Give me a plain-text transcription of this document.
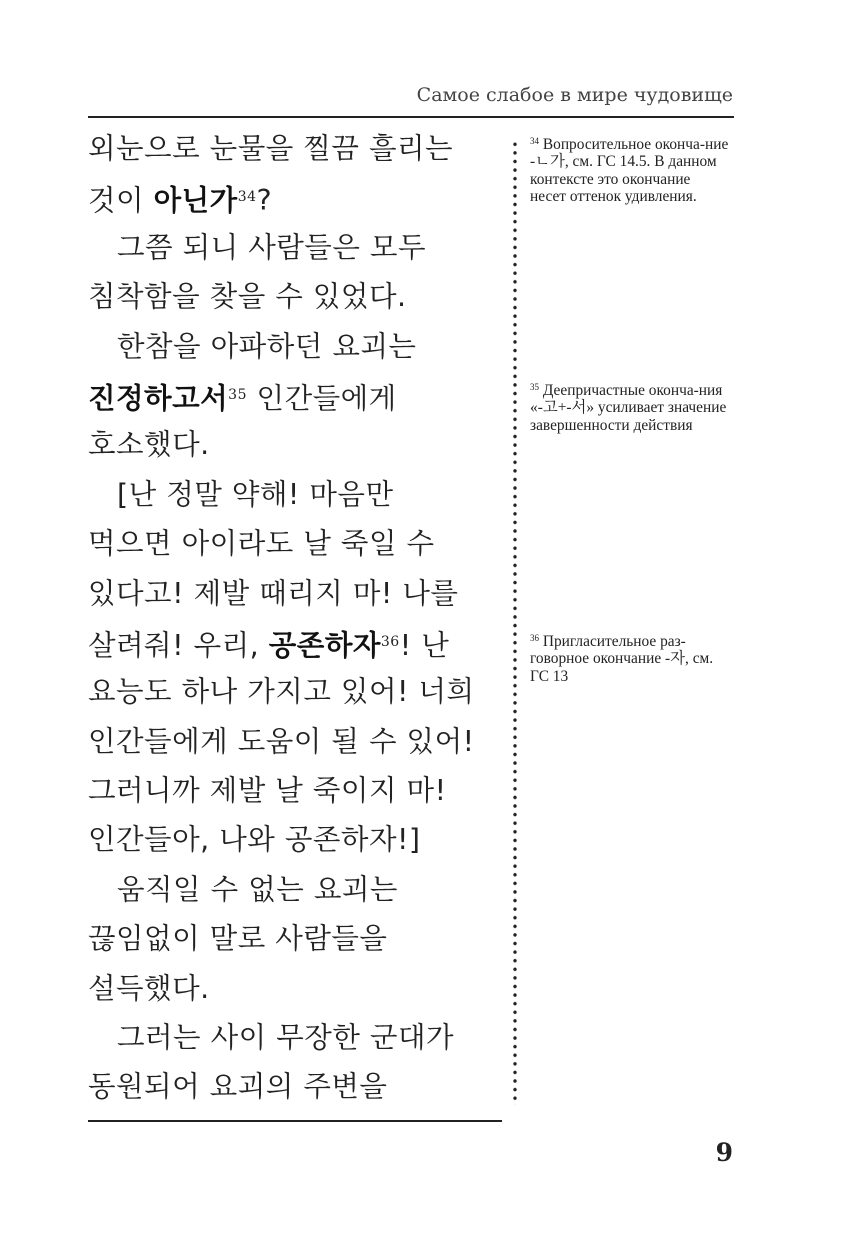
Самое слабое в мире чудовище
외눈으로 눈물을 찔끔 흘리는
것이 아닌가$^{34}$?
그쯤 되니 사람들은 모두
침착함을 찾을 수 있었다.
한참을 아파하던 요괴는
진정하고서$^{35}$ 인간들에게
호소했다.
[난 정말 약해! 마음만
먹으면 아이라도 날 죽일 수
있다고! 제발 때리지 마! 나를
살려줘! 우리, 공존하자$^{36}$! 난
요능도 하나 가지고 있어! 너희
인간들에게 도움이 될 수 있어!
그러니까 제발 날 죽이지 마!
인간들아, 나와 공존하자!]
움직일 수 없는 요괴는
끊임없이 말로 사람들을
설득했다.
그러는 사이 무장한 군대가
동원되어 요괴의 주변을
$^{34}$ Вопросительное оконча-ние -ㄴ가, см. ГС 14.5. В данном контексте это окончание несет оттенок удивления.
$^{35}$ Деепричастные оконча-ния «-고+-서» усиливает значение завершенности действия
$^{36}$ Пригласительное раз-говорное окончание -자, см. ГС 13
9
